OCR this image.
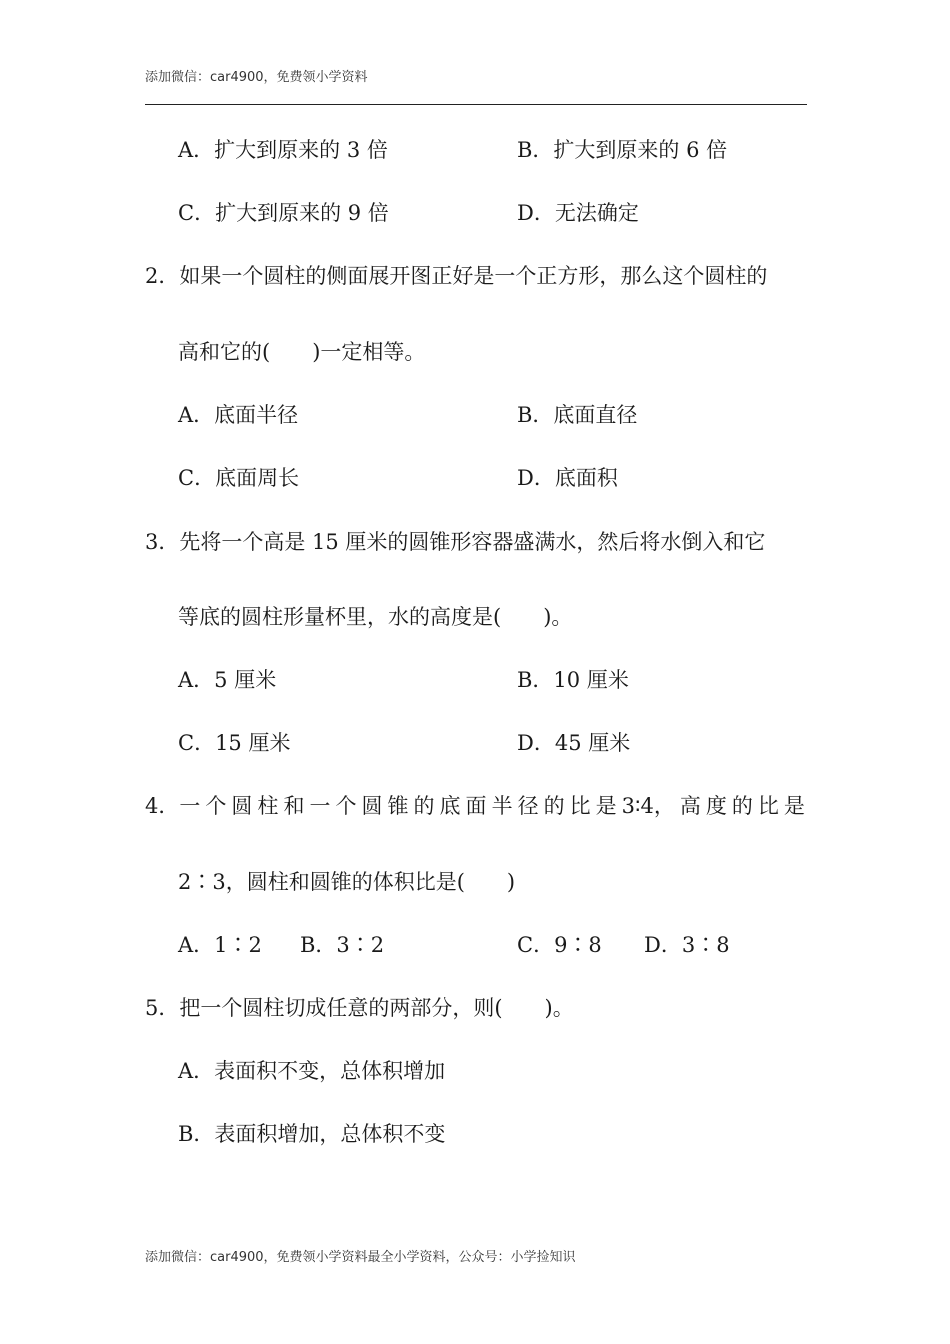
添加微信：car4900，免费领小学资料
A．扩大到原来的 3 倍	B．扩大到原来的 6 倍
C．扩大到原来的 9 倍	D．无法确定
2．如果一个圆柱的侧面展开图正好是一个正方形，那么这个圆柱的
高和它的(　　)一定相等。
A．底面半径	B．底面直径
C．底面周长	D．底面积
3．先将一个高是 15 厘米的圆锥形容器盛满水，然后将水倒入和它
等底的圆柱形量杯里，水的高度是(　　)。
A．5 厘米	B．10 厘米
C．15 厘米	D．45 厘米
4．一 个 圆 柱 和 一 个 圆 锥 的 底 面 半 径 的 比 是 3∶4， 高 度 的 比 是
2∶3，圆柱和圆锥的体积比是(　　)
A．1∶2 B．3∶2	C．9∶8 D．3∶8
5．把一个圆柱切成任意的两部分，则(　　)。
A．表面积不变，总体积增加
B．表面积增加，总体积不变
添加微信：car4900，免费领小学资料最全小学资料，公众号：小学捡知识
